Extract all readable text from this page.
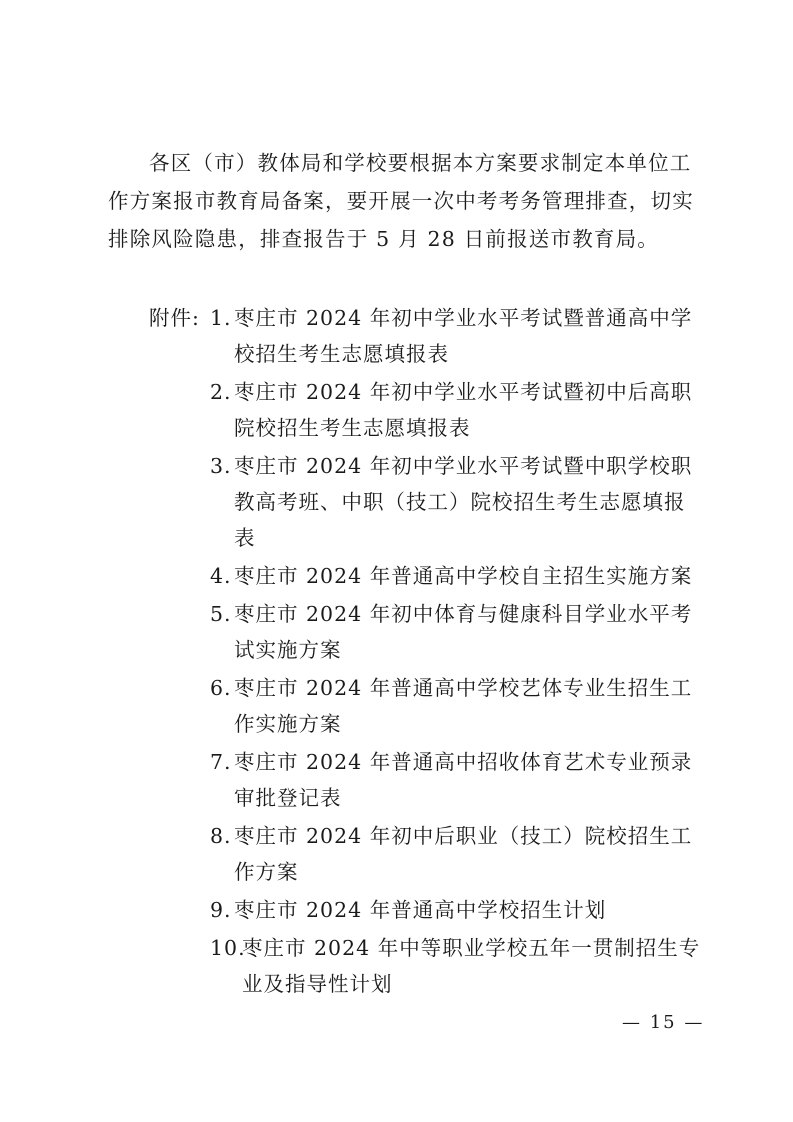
各区（市）教体局和学校要根据本方案要求制定本单位工作方案报市教育局备案，要开展一次中考考务管理排查，切实排除风险隐患，排查报告于 5 月 28 日前报送市教育局。

附件: 1. 枣庄市 2024 年初中学业水平考试暨普通高中学校招生考生志愿填报表
2. 枣庄市 2024 年初中学业水平考试暨初中后高职院校招生考生志愿填报表
3. 枣庄市 2024 年初中学业水平考试暨中职学校职教高考班、中职（技工）院校招生考生志愿填报表
4. 枣庄市 2024 年普通高中学校自主招生实施方案
5. 枣庄市 2024 年初中体育与健康科目学业水平考试实施方案
6. 枣庄市 2024 年普通高中学校艺体专业生招生工作实施方案
7. 枣庄市 2024 年普通高中招收体育艺术专业预录审批登记表
8. 枣庄市 2024 年初中后职业（技工）院校招生工作方案
9. 枣庄市 2024 年普通高中学校招生计划
10.
枣庄市 2024 年中等职业学校五年一贯制招生专业及指导性计划

— 15 —
